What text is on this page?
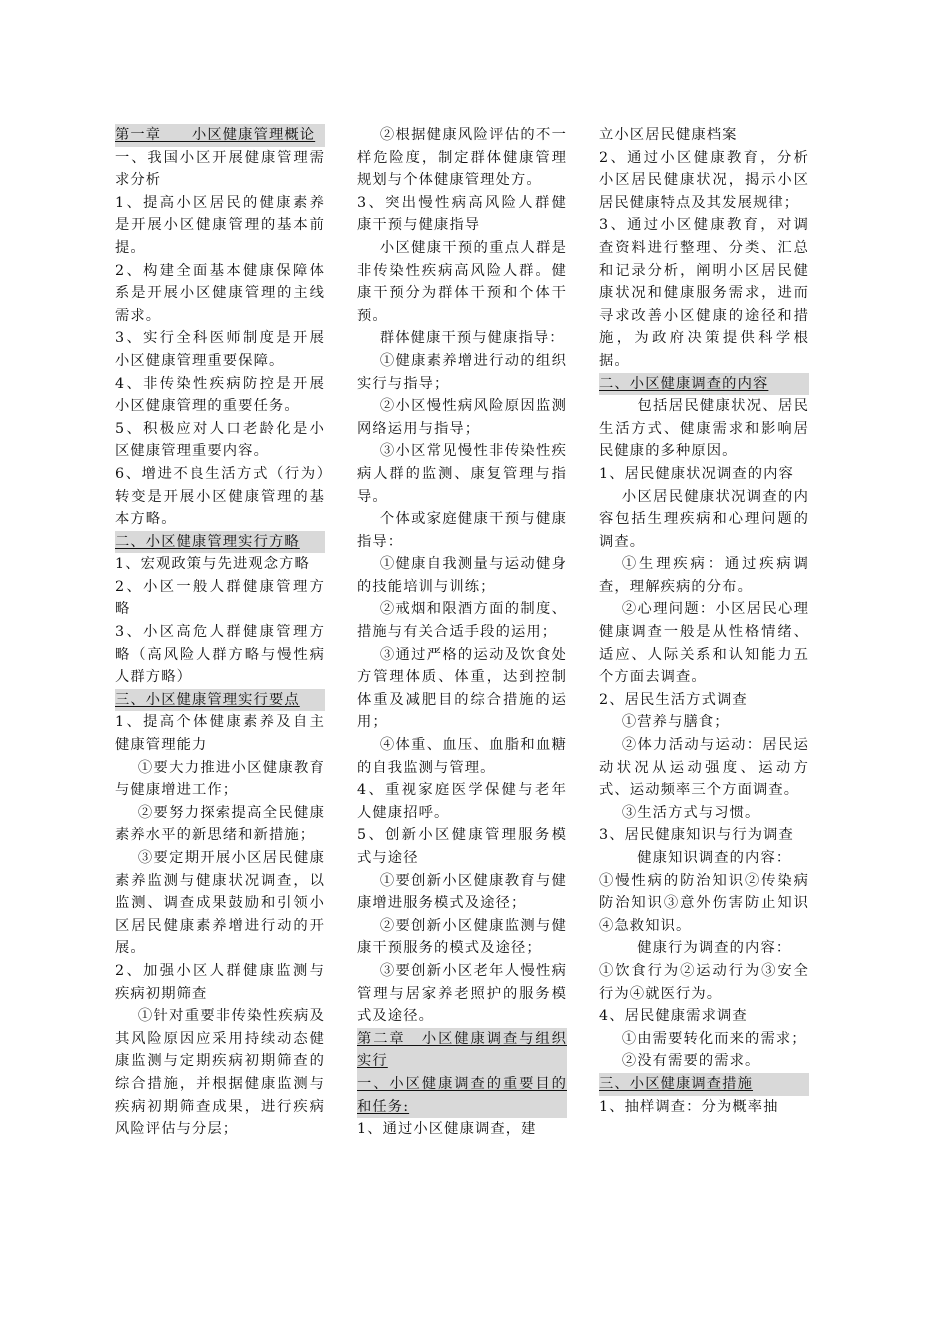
第一章　　小区健康管理概论

一、我国小区开展健康管理需求分析

1、提高小区居民的健康素养是开展小区健康管理的基本前提。

2、构建全面基本健康保障体系是开展小区健康管理的主线需求。

3、实行全科医师制度是开展小区健康管理重要保障。

4、非传染性疾病防控是开展小区健康管理的重要任务。

5、积极应对人口老龄化是小区健康管理重要内容。

6、增进不良生活方式（行为）转变是开展小区健康管理的基本方略。

二、小区健康管理实行方略

1、宏观政策与先进观念方略

2、小区一般人群健康管理方略

3、小区高危人群健康管理方略（高风险人群方略与慢性病人群方略）

三、小区健康管理实行要点

1、提高个体健康素养及自主健康管理能力

①要大力推进小区健康教育与健康增进工作；

②要努力探索提高全民健康素养水平的新思绪和新措施；

③要定期开展小区居民健康素养监测与健康状况调查，以监测、调查成果鼓励和引领小区居民健康素养增进行动的开展。

2、加强小区人群健康监测与疾病初期筛查

①针对重要非传染性疾病及其风险原因应采用持续动态健康监测与定期疾病初期筛查的综合措施，并根据健康监测与疾病初期筛查成果，进行疾病风险评估与分层；

②根据健康风险评估的不一样危险度，制定群体健康管理规划与个体健康管理处方。

3、突出慢性病高风险人群健康干预与健康指导

小区健康干预的重点人群是非传染性疾病高风险人群。健康干预分为群体干预和个体干预。

群体健康干预与健康指导：

①健康素养增进行动的组织实行与指导；

②小区慢性病风险原因监测网络运用与指导；

③小区常见慢性非传染性疾病人群的监测、康复管理与指导。

个体或家庭健康干预与健康指导：

①健康自我测量与运动健身的技能培训与训练；

②戒烟和限酒方面的制度、措施与有关合适手段的运用；

③通过严格的运动及饮食处方管理体质、体重，达到控制体重及减肥目的综合措施的运用；

④体重、血压、血脂和血糖的自我监测与管理。

4、重视家庭医学保健与老年人健康招呼。

5、创新小区健康管理服务模式与途径

①要创新小区健康教育与健康增进服务模式及途径；

②要创新小区健康监测与健康干预服务的模式及途径；

③要创新小区老年人慢性病管理与居家养老照护的服务模式及途径。

第二章　小区健康调查与组织实行

一、小区健康调查的重要目的和任务:

1、通过小区健康调查，建

立小区居民健康档案

2、通过小区健康教育，分析小区居民健康状况，揭示小区居民健康特点及其发展规律；

3、通过小区健康教育，对调查资料进行整理、分类、汇总和记录分析，阐明小区居民健康状况和健康服务需求，进而寻求改善小区健康的途径和措施，为政府决策提供科学根据。

二、小区健康调查的内容

　包括居民健康状况、居民生活方式、健康需求和影响居民健康的多种原因。

1、居民健康状况调查的内容

小区居民健康状况调查的内容包括生理疾病和心理问题的调查。

①生理疾病：通过疾病调查，理解疾病的分布。

②心理问题：小区居民心理健康调查一般是从性格情绪、适应、人际关系和认知能力五个方面去调查。

2、居民生活方式调查

①营养与膳食；

②体力活动与运动：居民运动状况从运动强度、运动方式、运动频率三个方面调查。

③生活方式与习惯。

3、居民健康知识与行为调查

　健康知识调查的内容：

①慢性病的防治知识②传染病防治知识③意外伤害防止知识④急救知识。

　健康行为调查的内容：

①饮食行为②运动行为③安全行为④就医行为。

4、居民健康需求调查

①由需要转化而来的需求；

②没有需要的需求。

三、小区健康调查措施

1、抽样调查：分为概率抽
